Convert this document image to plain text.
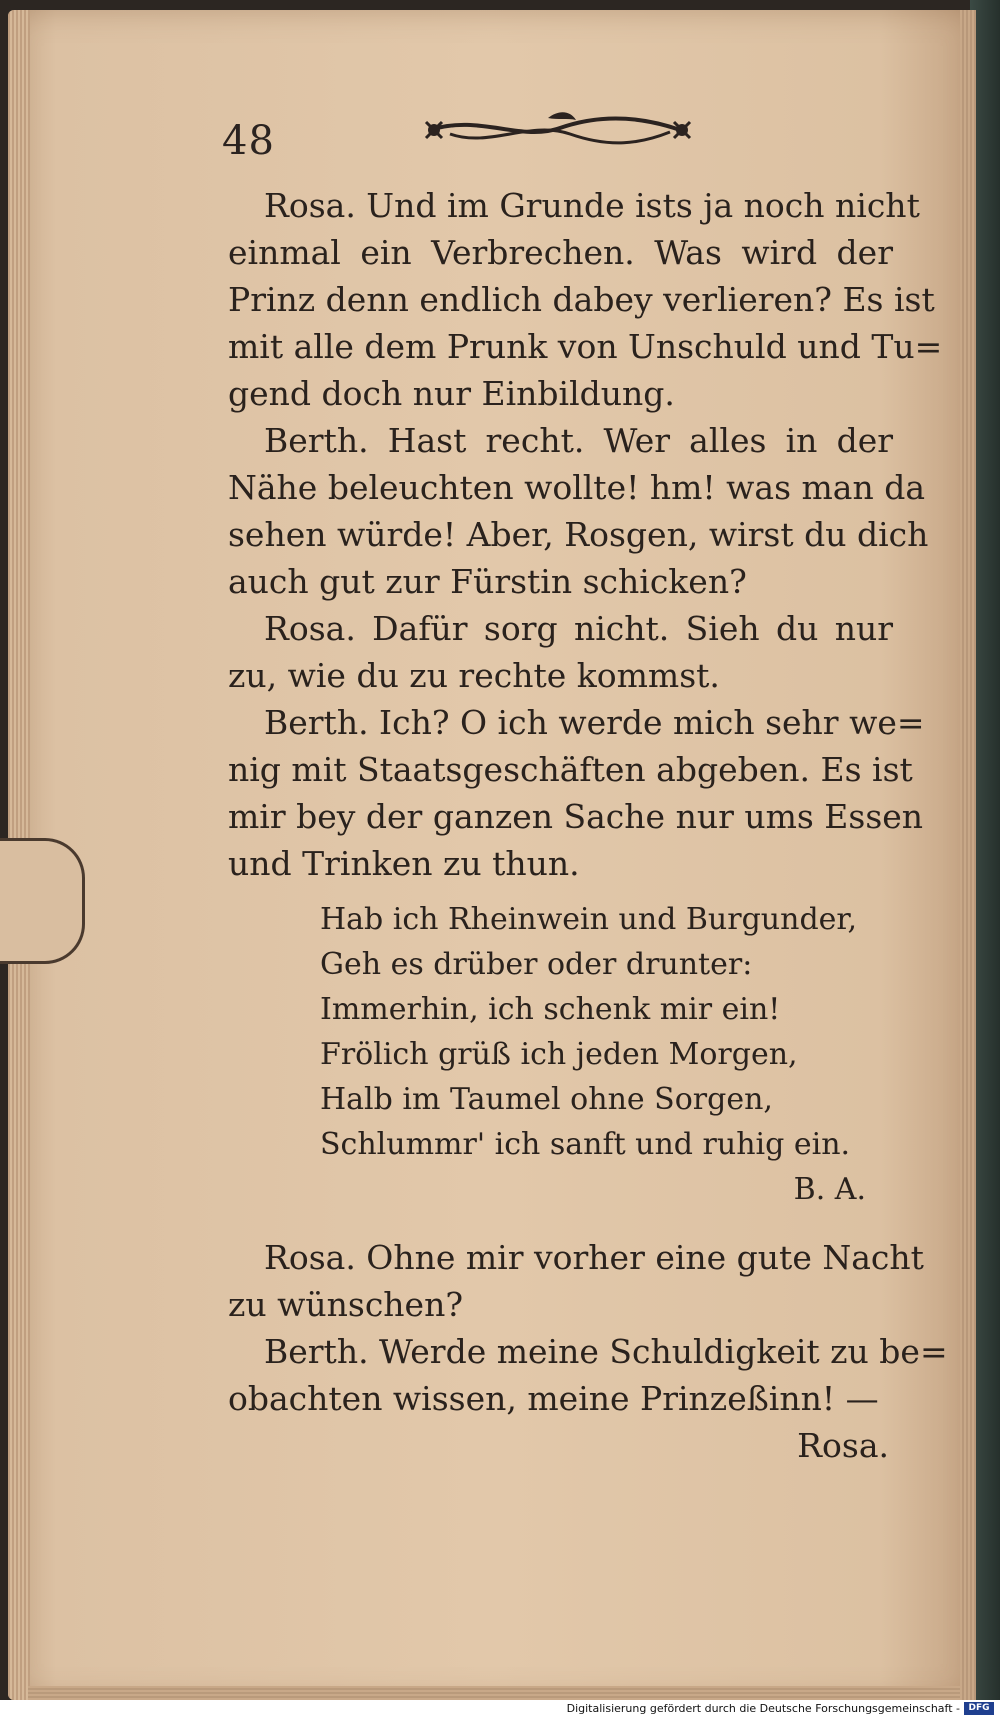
48
Rosa. Und im Grunde ists ja noch nicht
einmal ein Verbrechen. Was wird der
Prinz denn endlich dabey verlieren? Es ist
mit alle dem Prunk von Unschuld und Tu=
gend doch nur Einbildung.
Berth. Hast recht. Wer alles in der
Nähe beleuchten wollte! hm! was man da
sehen würde! Aber, Rosgen, wirst du dich
auch gut zur Fürstin schicken?
Rosa. Dafür sorg nicht. Sieh du nur
zu, wie du zu rechte kommst.
Berth. Ich? O ich werde mich sehr we=
nig mit Staatsgeschäften abgeben. Es ist
mir bey der ganzen Sache nur ums Essen
und Trinken zu thun.
Hab ich Rheinwein und Burgunder,
Geh es drüber oder drunter:
Immerhin, ich schenk mir ein!
Frölich grüß ich jeden Morgen,
Halb im Taumel ohne Sorgen,
Schlummr' ich sanft und ruhig ein.
B. A.
Rosa. Ohne mir vorher eine gute Nacht
zu wünschen?
Berth. Werde meine Schuldigkeit zu be=
obachten wissen, meine Prinzeßinn! —
Rosa.
Digitalisierung gefördert durch die Deutsche Forschungsgemeinschaft - DFG
